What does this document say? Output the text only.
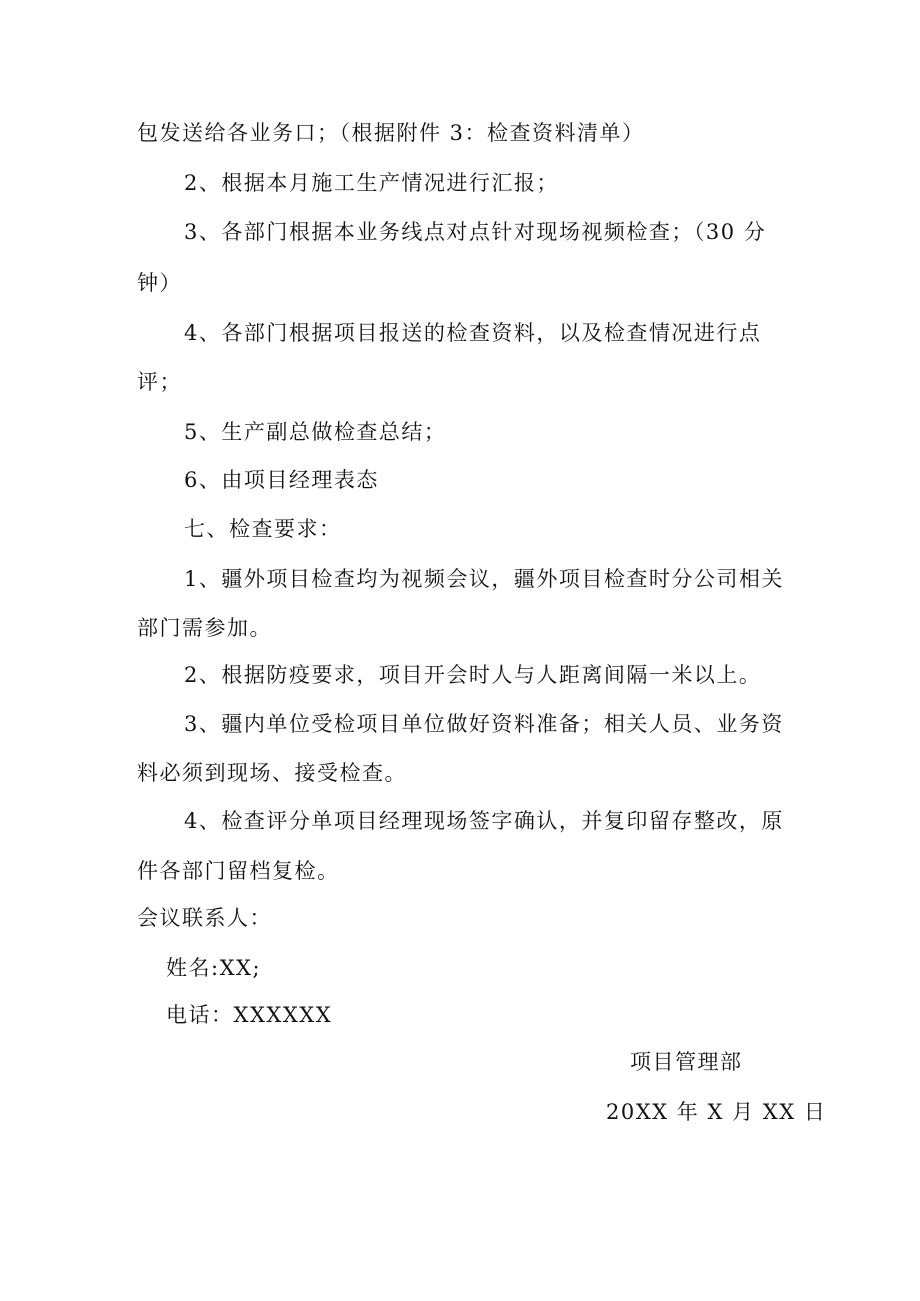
包发送给各业务口；（根据附件 3：检查资料清单）
2、根据本月施工生产情况进行汇报；
3、各部门根据本业务线点对点针对现场视频检查；（30 分
钟）
4、各部门根据项目报送的检查资料，以及检查情况进行点
评；
5、生产副总做检查总结；
6、由项目经理表态
七、检查要求：
1、疆外项目检查均为视频会议，疆外项目检查时分公司相关
部门需参加。
2、根据防疫要求，项目开会时人与人距离间隔一米以上。
3、疆内单位受检项目单位做好资料准备；相关人员、业务资
料必须到现场、接受检查。
4、检查评分单项目经理现场签字确认，并复印留存整改，原
件各部门留档复检。
会议联系人：
姓名:XX;
电话：XXXXXX
项目管理部
20XX 年 X 月 XX 日
